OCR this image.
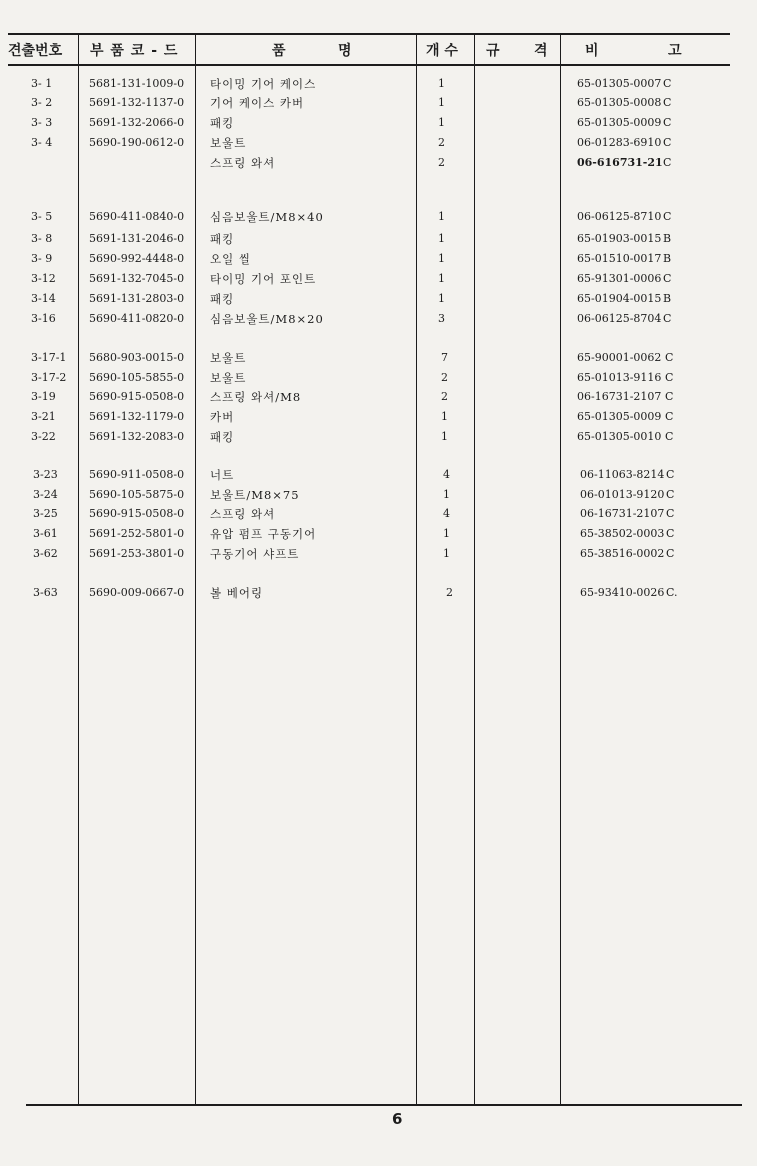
견출번호 부 품 코 - 드	품	명	개 수 규 격	비	고
3- 1	5681-131-1009-0 타이밍 기어 케이스	1	65-01305-0007 C
3- 2	5691-132-1137-0 기어 케이스 카버	1	65-01305-0008 C
3- 3	5691-132-2066-0 패킹	1	65-01305-0009 C
3- 4	5690-190-0612-0 보울트	2	06-01283-6910 C
스프링 와셔	2	06-616731-21 C
3- 5	5690-411-0840-0 심음보울트/M8×40	1	06-06125-8710 C
3- 8	5691-131-2046-0 패킹	1	65-01903-0015 B
3- 9	5690-992-4448-0 오일 씰	1	65-01510-0017 B
3-12	5691-132-7045-0 타이밍 기어 포인트	1	65-91301-0006 C
3-14	5691-131-2803-0 패킹	1	65-01904-0015 B
3-16	5690-411-0820-0 심음보울트/M8×20	3	06-06125-8704 C
3-17-1 5680-903-0015-0 보울트	7	65-90001-0062 C
3-17-2 5690-105-5855-0 보울트	2	65-01013-9116 C
3-19	5690-915-0508-0 스프링 와셔/M8	2	06-16731-2107 C
3-21	5691-132-1179-0 카버	1	65-01305-0009 C
3-22	5691-132-2083-0 패킹	1	65-01305-0010 C
3-23	5690-911-0508-0 너트	4	06-11063-8214 C
3-24	5690-105-5875-0 보울트/M8×75	1	06-01013-9120 C
3-25	5690-915-0508-0 스프링 와셔	4	06-16731-2107 C
3-61	5691-252-5801-0 유압 펌프 구동기어	1	65-38502-0003 C
3-62	5691-253-3801-0 구동기어 샤프트	1	65-38516-0002 C
3-63	5690-009-0667-0 볼 베어링	2	65-93410-0026 C.
6
